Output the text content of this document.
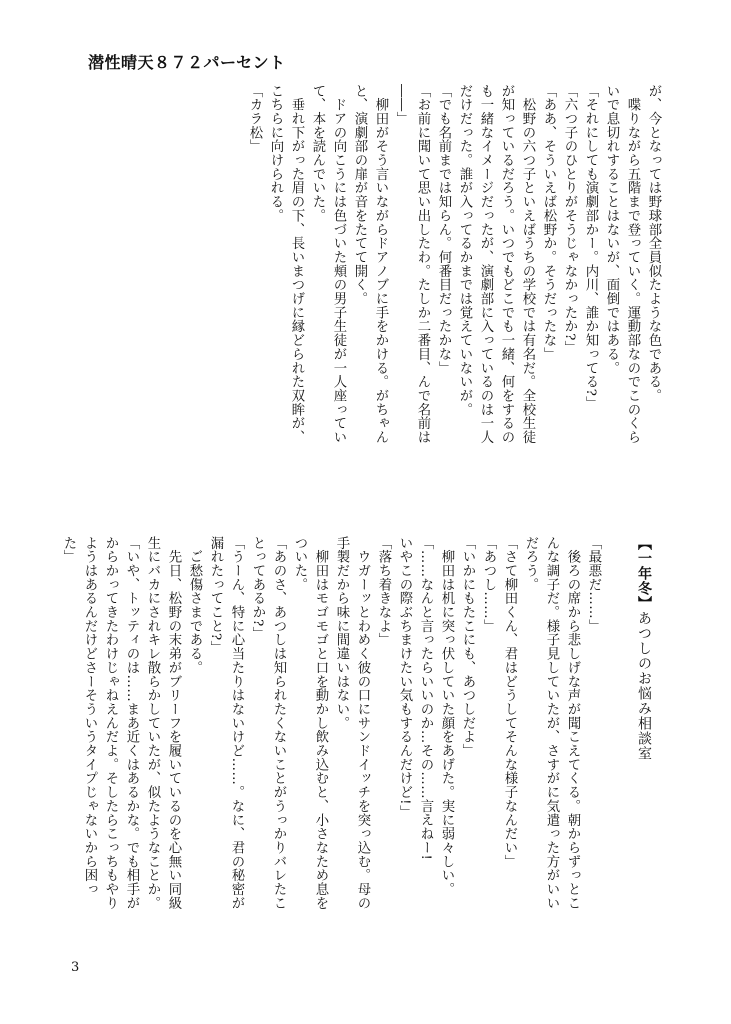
潜性晴天８７２パーセント
が、今となっては野球部全員似たような色である。
　喋りながら五階まで登っていく。運動部なのでこのくら
いで息切れすることはないが、面倒ではある。
「それにしても演劇部かー。内川、誰か知ってる?」
「六つ子のひとりがそうじゃなかったか?」
「ああ、そういえば松野か。そうだったな」
　松野の六つ子といえばうちの学校では有名だ。全校生徒
が知っているだろう。いつでもどこでも一緒、何をするの
も一緒なイメージだったが、演劇部に入っているのは一人
だけだった。誰が入ってるかまでは覚えていないが。
「でも名前までは知らん。何番目だったかな」
「お前に聞いて思い出したわ。たしか二番目、んで名前は
――」
　柳田がそう言いながらドアノブに手をかける。がちゃん
と、演劇部の扉が音をたてて開く。
　ドアの向こうには色づいた頬の男子生徒が一人座ってい
て、本を読んでいた。
　垂れ下がった眉の下、長いまつげに縁どられた双眸が、
こちらに向けられる。
「カラ松」
【一年冬】あつしのお悩み相談室
「最悪だ……」
　後ろの席から悲しげな声が聞こえてくる。朝からずっとこ
んな調子だ。様子見していたが、さすがに気遣った方がいい
だろう。
「さて柳田くん、君はどうしてそんな様子なんだい」
「あつし……」
「いかにもたこにも、あつしだよ」
　柳田は机に突っ伏していた顔をあげた。実に弱々しい。
「……なんと言ったらいいのか…その……言えねー!
いやこの際ぶちまけたい気もするんだけど!」
「落ち着きなよ」
　ウガーッとわめく彼の口にサンドイッチを突っ込む。母の
手製だから味に間違いはない。
　柳田はモゴモゴと口を動かし飲み込むと、小さなため息を
ついた。
「あのさ、あつしは知られたくないことがうっかりバレたこ
とってあるか?」
「うーん、特に心当たりはないけど……。なに、君の秘密が
漏れたってこと?」
　ご愁傷さまである。
　先日、松野の末弟がブリーフを履いているのを心無い同級
生にバカにされキレ散らかしていたが、似たようなことか。
「いや、トッティのは……まあ近くはあるかな。でも相手が
からかってきたわけじゃねえんだよ。そしたらこっちもやり
ようはあるんだけどさーそういうタイプじゃないから困っ
た」

3
